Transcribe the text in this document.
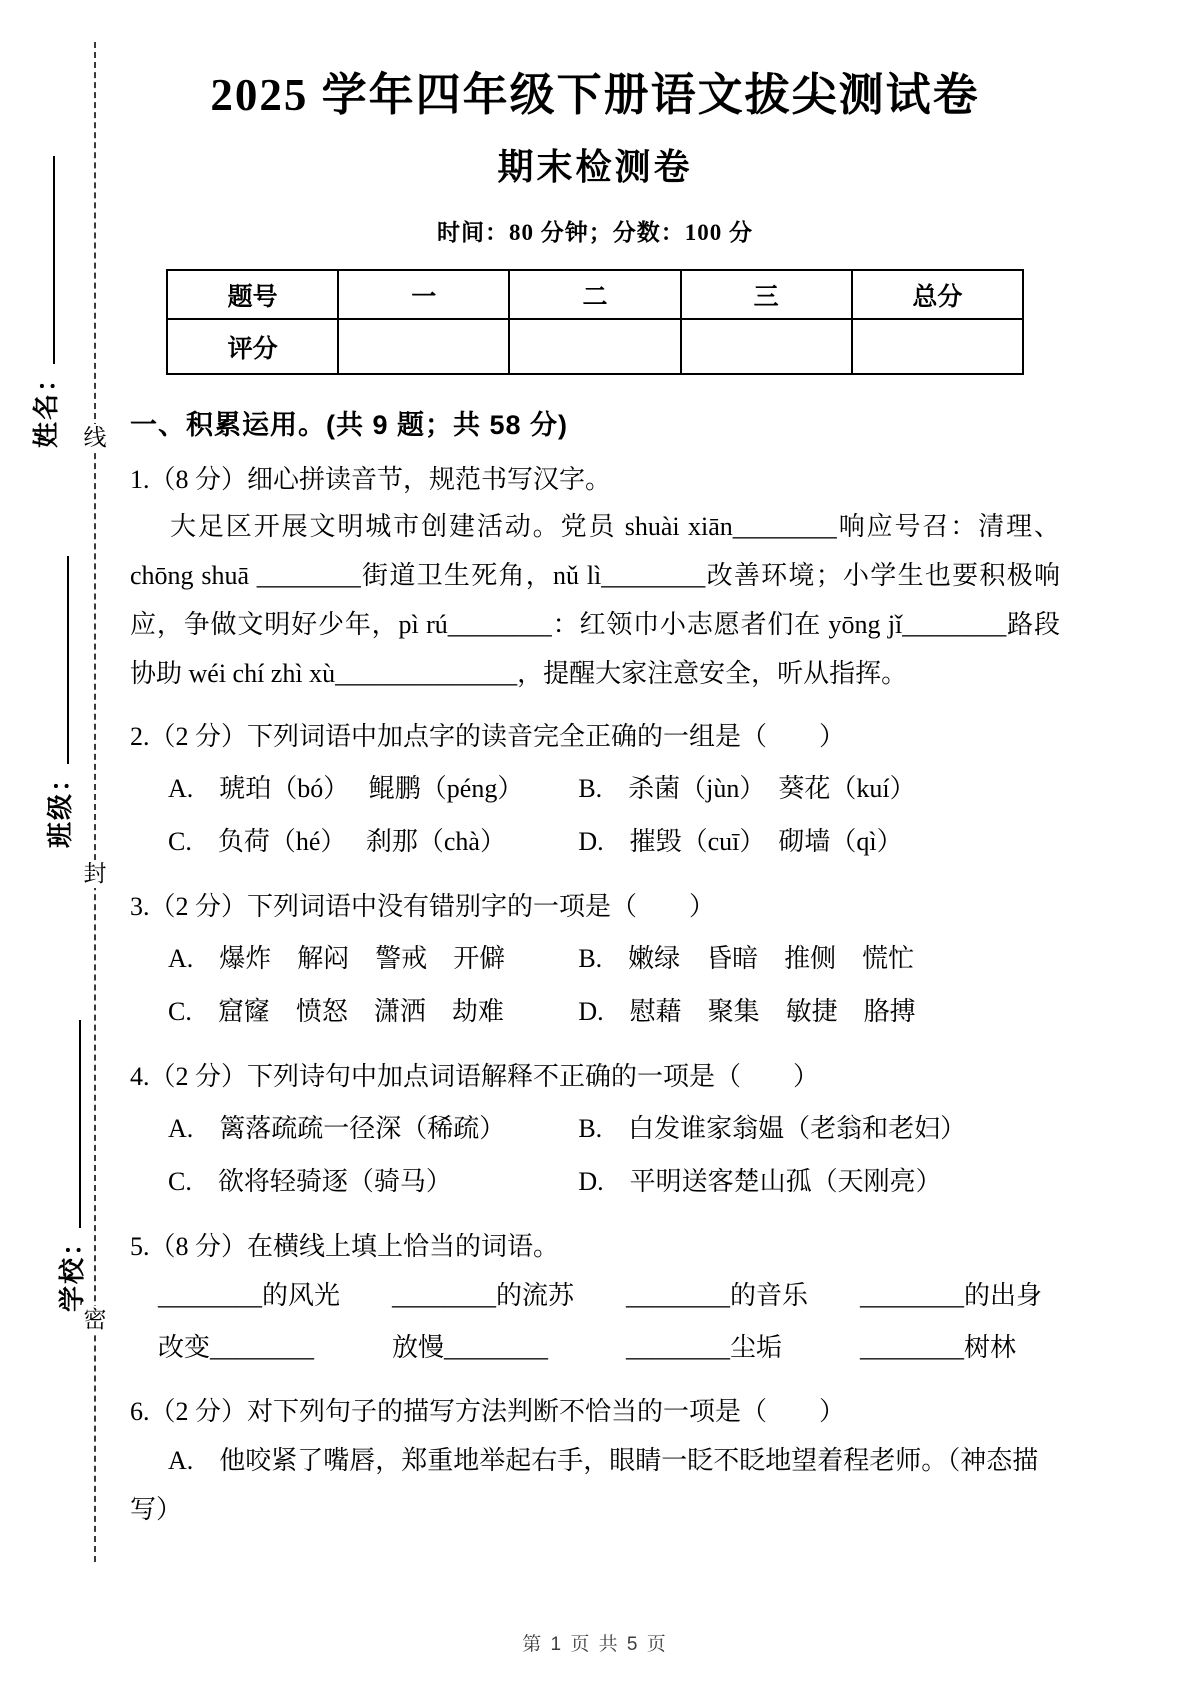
线
封
密
姓名：
班级：
学校：
2025 学年四年级下册语文拔尖测试卷
期末检测卷
时间：80 分钟；分数：100 分
题号	一	二	三	总分
评分				
一、积累运用。(共 9 题；共 58 分)
1.（8 分）细心拼读音节，规范书写汉字。
大足区开展文明城市创建活动。党员 shuài xiān________响应号召：清理、chōng shuā ________街道卫生死角，nǔ lì________改善环境；小学生也要积极响应，争做文明好少年，pì rú________：红领巾小志愿者们在 yōng jǐ________路段协助 wéi chí zhì xù______________，提醒大家注意安全，听从指挥。
2.（2 分）下列词语中加点字的读音完全正确的一组是（　　）
A.　琥珀（bó）　 鲲鹏（péng）	B.　杀菌（jùn）　葵花（kuí）
C.　负荷（hé）　 刹那（chà）	D.　摧毁（cuī）　砌墙（qì）
3.（2 分）下列词语中没有错别字的一项是（　　）
A.　爆炸　解闷　警戒　开僻	B.　嫩绿　昏暗　推侧　慌忙
C.　窟窿　愤怒　潇洒　劫难	D.　慰藉　聚集　敏捷　胳搏
4.（2 分）下列诗句中加点词语解释不正确的一项是（　　）
A.　篱落疏疏一径深（稀疏）	B.　白发谁家翁媪（老翁和老妇）
C.　欲将轻骑逐（骑马）	D.　平明送客楚山孤（天刚亮）
5.（8 分）在横线上填上恰当的词语。
________的风光　　________的流苏　　________的音乐　　________的出身
改变________　　　放慢________　　　________尘垢　　　________树林
6.（2 分）对下列句子的描写方法判断不恰当的一项是（　　）
A.　他咬紧了嘴唇，郑重地举起右手，眼睛一眨不眨地望着程老师。（神态描写）
第 1 页 共 5 页
